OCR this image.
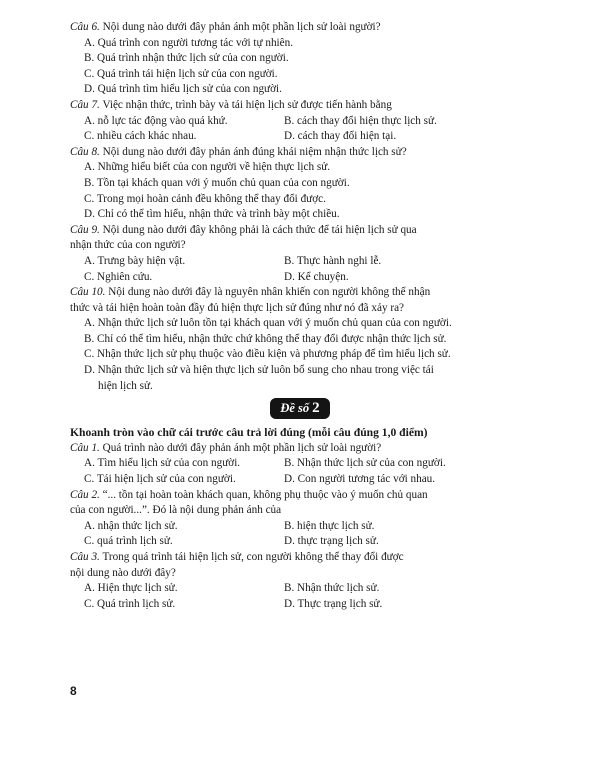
Câu 6. Nội dung nào dưới đây phản ánh một phần lịch sử loài người?

A. Quá trình con người tương tác với tự nhiên.
B. Quá trình nhận thức lịch sử của con người.
C. Quá trình tái hiện lịch sử của con người.
D. Quá trình tìm hiểu lịch sử của con người.

Câu 7. Việc nhận thức, trình bày và tái hiện lịch sử được tiến hành bằng

A. nỗ lực tác động vào quá khứ.	B. cách thay đổi hiện thực lịch sử.
C. nhiều cách khác nhau.	D. cách thay đổi hiện tại.

Câu 8. Nội dung nào dưới đây phản ánh đúng khái niệm nhận thức lịch sử?

A. Những hiểu biết của con người về hiện thực lịch sử.
B. Tồn tại khách quan với ý muốn chủ quan của con người.
C. Trong mọi hoàn cảnh đều không thể thay đổi được.
D. Chỉ có thể tìm hiểu, nhận thức và trình bày một chiều.

Câu 9. Nội dung nào dưới đây không phải là cách thức để tái hiện lịch sử qua

nhận thức của con người?
A. Trưng bày hiện vật.	B. Thực hành nghi lễ.
C. Nghiên cứu.	D. Kể chuyện.

Câu 10. Nội dung nào dưới đây là nguyên nhân khiến con người không thể nhận

thức và tái hiện hoàn toàn đầy đủ hiện thực lịch sử đúng như nó đã xảy ra?
A. Nhận thức lịch sử luôn tồn tại khách quan với ý muốn chủ quan của con người.
B. Chỉ có thể tìm hiểu, nhận thức chứ không thể thay đổi được nhận thức lịch sử.
C. Nhận thức lịch sử phụ thuộc vào điều kiện và phương pháp để tìm hiểu lịch sử.
D. Nhận thức lịch sử và hiện thực lịch sử luôn bổ sung cho nhau trong việc tái
hiện lịch sử.
Đề số 2
Khoanh tròn vào chữ cái trước câu trả lời đúng (mỗi câu đúng 1,0 điểm)

Câu 1. Quá trình nào dưới đây phản ánh một phần lịch sử loài người?

A. Tìm hiểu lịch sử của con người.	B. Nhận thức lịch sử của con người.
C. Tái hiện lịch sử của con người.	D. Con người tương tác với nhau.

Câu 2. “... tồn tại hoàn toàn khách quan, không phụ thuộc vào ý muốn chủ quan

của con người...”. Đó là nội dung phản ánh của
A. nhận thức lịch sử.	B. hiện thực lịch sử.
C. quá trình lịch sử.	D. thực trạng lịch sử.

Câu 3. Trong quá trình tái hiện lịch sử, con người không thể thay đổi được

nội dung nào dưới đây?
A. Hiện thực lịch sử.	B. Nhận thức lịch sử.
C. Quá trình lịch sử.	D. Thực trạng lịch sử.
8
